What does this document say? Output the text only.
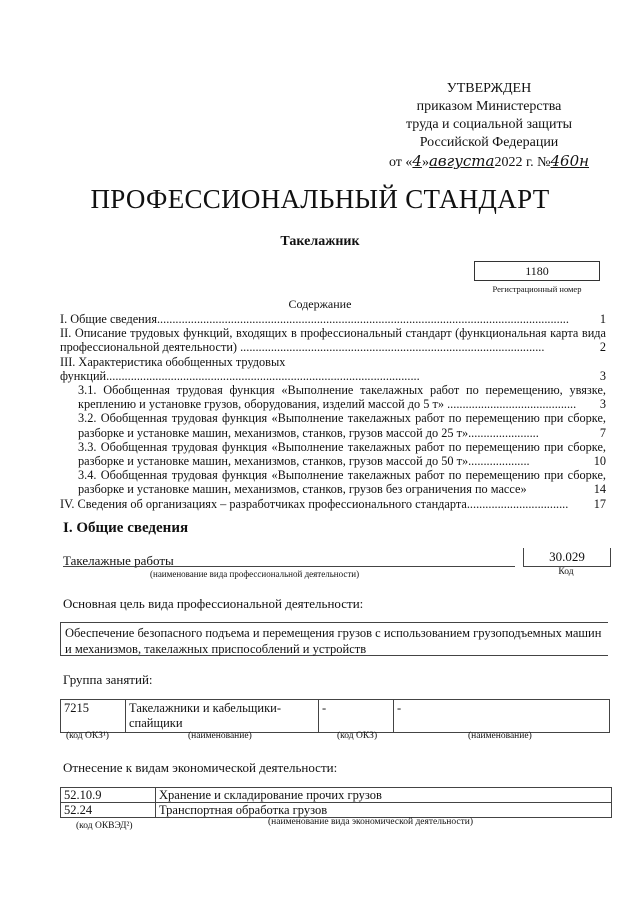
УТВЕРЖДЕН
приказом Министерства
труда и социальной защиты
Российской Федерации
от «4»августа2022 г. №460н
ПРОФЕССИОНАЛЬНЫЙ СТАНДАРТ
Такелажник
1180
Регистрационный номер
Содержание
I. Общие сведения......................................................................................................................................	1
II. Описание трудовых функций, входящих в профессиональный стандарт (функциональная карта вида профессиональной деятельности) ...................................................................................................	2
III. Характеристика обобщенных трудовых функций......................................................................................................	3
3.1. Обобщенная трудовая функция «Выполнение такелажных работ по перемещению, увязке, креплению и установке грузов, оборудования, изделий массой до 5 т» .......................................... 3
3.2. Обобщенная трудовая функция «Выполнение такелажных работ по перемещению при сборке, разборке и установке машин, механизмов, станков, грузов массой до 25 т».......................	7
3.3. Обобщенная трудовая функция «Выполнение такелажных работ по перемещению при сборке, разборке и установке машин, механизмов, станков, грузов массой до 50 т»....................	10
3.4. Обобщенная трудовая функция «Выполнение такелажных работ по перемещению при сборке, разборке и установке машин, механизмов, станков, грузов без ограничения по массе»	14
IV. Сведения об организациях – разработчиках профессионального стандарта................................. 17
I. Общие сведения
Такелажные работы
(наименование вида профессиональной деятельности)
30.029
Код
Основная цель вида профессиональной деятельности:
Обеспечение безопасного подъема и перемещения грузов с использованием грузоподъемных машин и механизмов, такелажных приспособлений и устройств
Группа занятий:
7215	Такелажники и кабельщики-спайщики	-	-
(код ОКЗ¹)	(наименование)	(код ОКЗ)	(наименование)
Отнесение к видам экономической деятельности:
52.10.9	Хранение и складирование прочих грузов
52.24	Транспортная обработка грузов
(код ОКВЭД²)	(наименование вида экономической деятельности)
